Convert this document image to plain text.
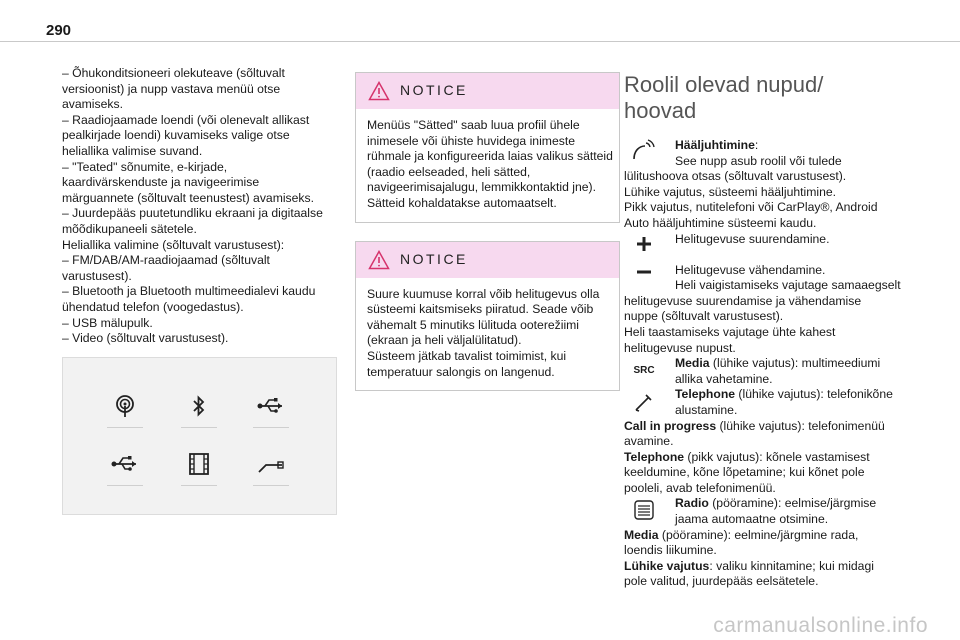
290
– Õhukonditsioneeri olekuteave (sõltuvalt
versioonist) ja nupp vastava menüü otse
avamiseks.
– Raadiojaamade loendi (või olenevalt allikast
pealkirjade loendi) kuvamiseks valige otse
heliallika valimise suvand.
– "Teated" sõnumite, e-kirjade,
kaardivärskenduste ja navigeerimise
märguannete (sõltuvalt teenustest) avamiseks.
– Juurdepääs puutetundliku ekraani ja digitaalse
mõõdikupaneeli sätetele.
Heliallika valimine (sõltuvalt varustusest):
– FM/DAB/AM-raadiojaamad (sõltuvalt
varustusest).
– Bluetooth ja Bluetooth multimeedialevi kaudu
ühendatud telefon (voogedastus).
– USB mälupulk.
– Video (sõltuvalt varustusest).
NOTICE
Menüüs "Sätted" saab luua profiil ühele
inimesele või ühiste huvidega inimeste
rühmale ja konfigureerida laias valikus sätteid
(raadio eelseaded, heli sätted,
navigeerimisajalugu, lemmikkontaktid jne).
Sätteid kohaldatakse automaatselt.
NOTICE
Suure kuumuse korral võib helitugevus olla
süsteemi kaitsmiseks piiratud. Seade võib
vähemalt 5 minutiks lülituda ooterežiimi
(ekraan ja heli väljalülitatud).
Süsteem jätkab tavalist toimimist, kui
temperatuur salongis on langenud.
Roolil olevad nupud/
hoovad
Hääljuhtimine:
See nupp asub roolil või tulede
lülitushoova otsas (sõltuvalt varustusest).
Lühike vajutus, süsteemi hääljuhtimine.
Pikk vajutus, nutitelefoni või CarPlay®, Android
Auto hääljuhtimine süsteemi kaudu.
Helitugevuse suurendamine.
Helitugevuse vähendamine.
Heli vaigistamiseks vajutage samaaegselt
helitugevuse suurendamise ja vähendamise
nuppe (sõltuvalt varustusest).
Heli taastamiseks vajutage ühte kahest
helitugevuse nupust.
SRC
Media (lühike vajutus): multimeediumi
allika vahetamine.
Telephone (lühike vajutus): telefonikõne
alustamine.
Call in progress (lühike vajutus): telefonimenüü
avamine.
Telephone (pikk vajutus): kõnele vastamisest
keeldumine, kõne lõpetamine; kui kõnet pole
pooleli, avab telefonimenüü.
Radio (pööramine): eelmise/järgmise
jaama automaatne otsimine.
Media (pööramine): eelmine/järgmine rada,
loendis liikumine.
Lühike vajutus: valiku kinnitamine; kui midagi
pole valitud, juurdepääs eelsätetele.
carmanualsonline.info
